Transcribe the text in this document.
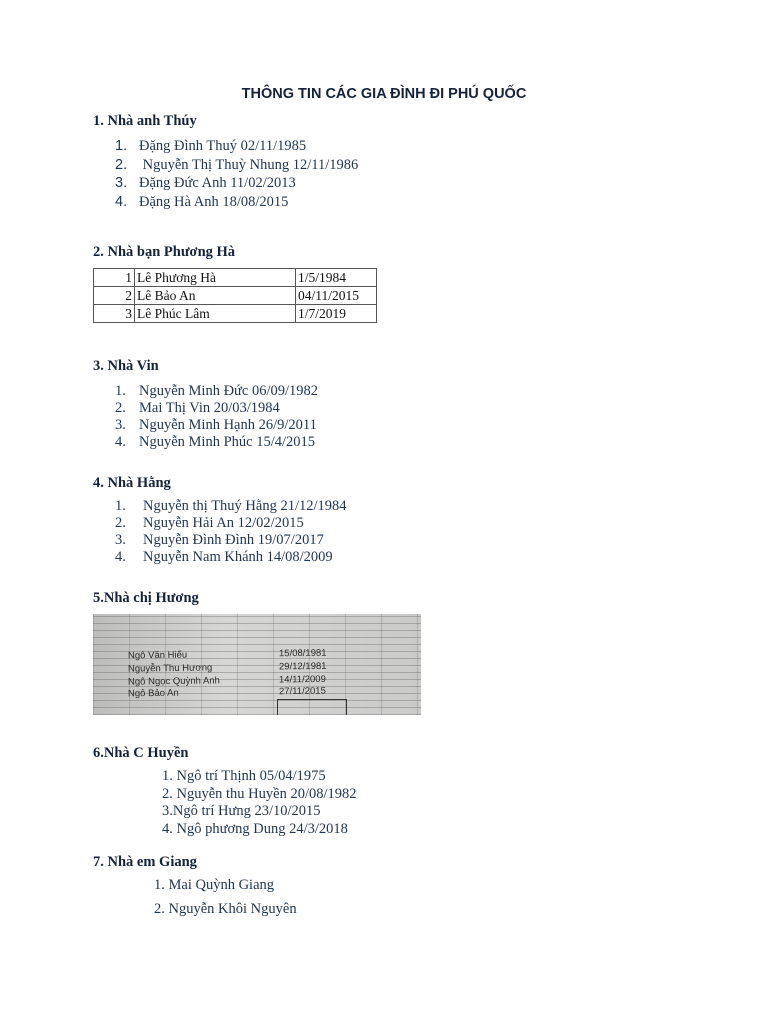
THÔNG TIN CÁC GIA ĐÌNH ĐI PHÚ QUỐC
1. Nhà anh Thúy
1. Đặng Đình Thuý 02/11/1985
2. Nguyễn Thị Thuỳ Nhung 12/11/1986
3. Đặng Đức Anh 11/02/2013
4. Đặng Hà Anh 18/08/2015
2. Nhà bạn Phương Hà
1	Lê Phương Hà	1/5/1984
2	Lê Bảo An	04/11/2015
3	Lê Phúc Lâm	1/7/2019
3. Nhà Vin
1. Nguyễn Minh Đức 06/09/1982
2. Mai Thị Vin 20/03/1984
3. Nguyễn Minh Hạnh 26/9/2011
4. Nguyễn Minh Phúc 15/4/2015
4. Nhà Hằng
1. Nguyễn thị Thuý Hằng 21/12/1984
2. Nguyễn Hải An 12/02/2015
3. Nguyễn Đình Đình 19/07/2017
4. Nguyễn Nam Khánh 14/08/2009
5.Nhà chị Hương
Ngô Văn Hiếu	15/08/1981
Nguyễn Thu Hương	29/12/1981
Ngô Ngọc Quỳnh Anh	14/11/2009
Ngô Bảo An	27/11/2015
6.Nhà C Huyền
1. Ngô trí Thịnh 05/04/1975
2. Nguyễn thu Huyền 20/08/1982
3.Ngô trí Hưng 23/10/2015
4. Ngô phương Dung 24/3/2018
7. Nhà em Giang
1. Mai Quỳnh Giang
2. Nguyễn Khôi Nguyên
